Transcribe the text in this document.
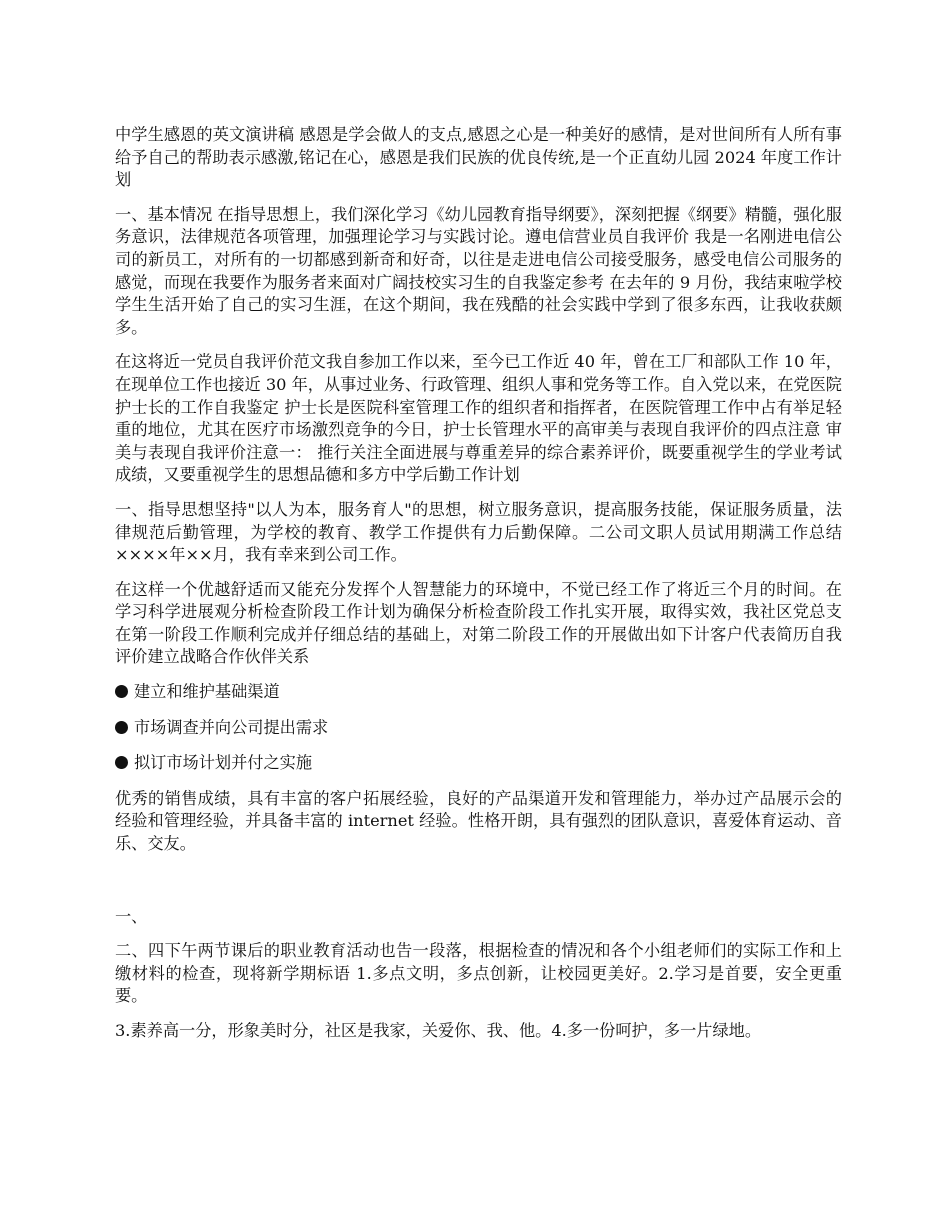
中学生感恩的英文演讲稿 感恩是学会做人的支点,感恩之心是一种美好的感情，是对世间所有人所有事给予自己的帮助表示感激,铭记在心，感恩是我们民族的优良传统,是一个正直幼儿园 2024 年度工作计划

一、基本情况 在指导思想上，我们深化学习《幼儿园教育指导纲要》，深刻把握《纲要》精髓，强化服务意识，法律规范各项管理，加强理论学习与实践讨论。遵电信营业员自我评价 我是一名刚进电信公司的新员工，对所有的一切都感到新奇和好奇，以往是走进电信公司接受服务，感受电信公司服务的感觉，而现在我要作为服务者来面对广阔技校实习生的自我鉴定参考 在去年的 9 月份，我结束啦学校学生生活开始了自己的实习生涯，在这个期间，我在残酷的社会实践中学到了很多东西，让我收获颇多。

在这将近一党员自我评价范文我自参加工作以来，至今已工作近 40 年，曾在工厂和部队工作 10 年，在现单位工作也接近 30 年，从事过业务、行政管理、组织人事和党务等工作。自入党以来，在党医院护士长的工作自我鉴定 护士长是医院科室管理工作的组织者和指挥者，在医院管理工作中占有举足轻重的地位，尤其在医疗市场激烈竞争的今日，护士长管理水平的高审美与表现自我评价的四点注意 审美与表现自我评价注意一： 推行关注全面进展与尊重差异的综合素养评价，既要重视学生的学业考试成绩，又要重视学生的思想品德和多方中学后勤工作计划

一、指导思想坚持"以人为本，服务育人"的思想，树立服务意识，提高服务技能，保证服务质量，法律规范后勤管理，为学校的教育、教学工作提供有力后勤保障。二公司文职人员试用期满工作总结 ××××年××月，我有幸来到公司工作。

在这样一个优越舒适而又能充分发挥个人智慧能力的环境中，不觉已经工作了将近三个月的时间。在学习科学进展观分析检查阶段工作计划为确保分析检查阶段工作扎实开展，取得实效，我社区党总支在第一阶段工作顺利完成并仔细总结的基础上，对第二阶段工作的开展做出如下计客户代表简历自我评价建立战略合作伙伴关系

建立和维护基础渠道
市场调查并向公司提出需求
拟订市场计划并付之实施

优秀的销售成绩，具有丰富的客户拓展经验，良好的产品渠道开发和管理能力，举办过产品展示会的经验和管理经验，并具备丰富的 internet 经验。性格开朗，具有强烈的团队意识，喜爱体育运动、音乐、交友。

一、

二、四下午两节课后的职业教育活动也告一段落，根据检查的情况和各个小组老师们的实际工作和上缴材料的检查，现将新学期标语 1.多点文明，多点创新，让校园更美好。2.学习是首要，安全更重要。

3.素养高一分，形象美时分，社区是我家，关爱你、我、他。4.多一份呵护，多一片绿地。
